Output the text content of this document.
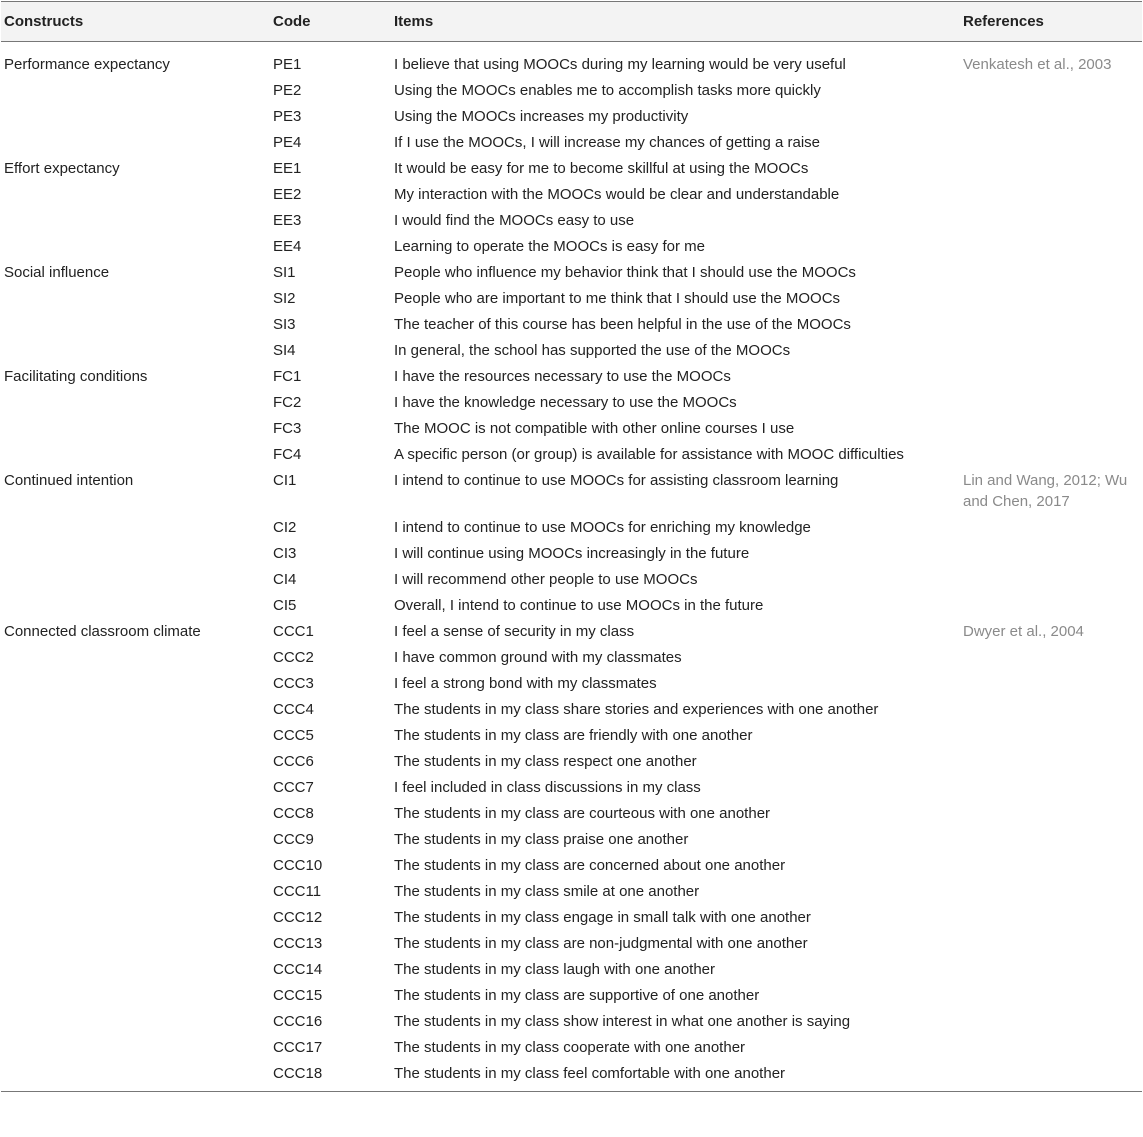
Constructs	Code	Items	References
Performance expectancy	PE1	I believe that using MOOCs during my learning would be very useful	Venkatesh et al., 2003
	PE2	Using the MOOCs enables me to accomplish tasks more quickly	
	PE3	Using the MOOCs increases my productivity	
	PE4	If I use the MOOCs, I will increase my chances of getting a raise	
Effort expectancy	EE1	It would be easy for me to become skillful at using the MOOCs	
	EE2	My interaction with the MOOCs would be clear and understandable	
	EE3	I would find the MOOCs easy to use	
	EE4	Learning to operate the MOOCs is easy for me	
Social influence	SI1	People who influence my behavior think that I should use the MOOCs	
	SI2	People who are important to me think that I should use the MOOCs	
	SI3	The teacher of this course has been helpful in the use of the MOOCs	
	SI4	In general, the school has supported the use of the MOOCs	
Facilitating conditions	FC1	I have the resources necessary to use the MOOCs	
	FC2	I have the knowledge necessary to use the MOOCs	
	FC3	The MOOC is not compatible with other online courses I use	
	FC4	A specific person (or group) is available for assistance with MOOC difficulties	
Continued intention	CI1	I intend to continue to use MOOCs for assisting classroom learning	Lin and Wang, 2012; Wu and Chen, 2017
	CI2	I intend to continue to use MOOCs for enriching my knowledge	
	CI3	I will continue using MOOCs increasingly in the future	
	CI4	I will recommend other people to use MOOCs	
	CI5	Overall, I intend to continue to use MOOCs in the future	
Connected classroom climate	CCC1	I feel a sense of security in my class	Dwyer et al., 2004
	CCC2	I have common ground with my classmates	
	CCC3	I feel a strong bond with my classmates	
	CCC4	The students in my class share stories and experiences with one another	
	CCC5	The students in my class are friendly with one another	
	CCC6	The students in my class respect one another	
	CCC7	I feel included in class discussions in my class	
	CCC8	The students in my class are courteous with one another	
	CCC9	The students in my class praise one another	
	CCC10	The students in my class are concerned about one another	
	CCC11	The students in my class smile at one another	
	CCC12	The students in my class engage in small talk with one another	
	CCC13	The students in my class are non-judgmental with one another	
	CCC14	The students in my class laugh with one another	
	CCC15	The students in my class are supportive of one another	
	CCC16	The students in my class show interest in what one another is saying	
	CCC17	The students in my class cooperate with one another	
	CCC18	The students in my class feel comfortable with one another	
